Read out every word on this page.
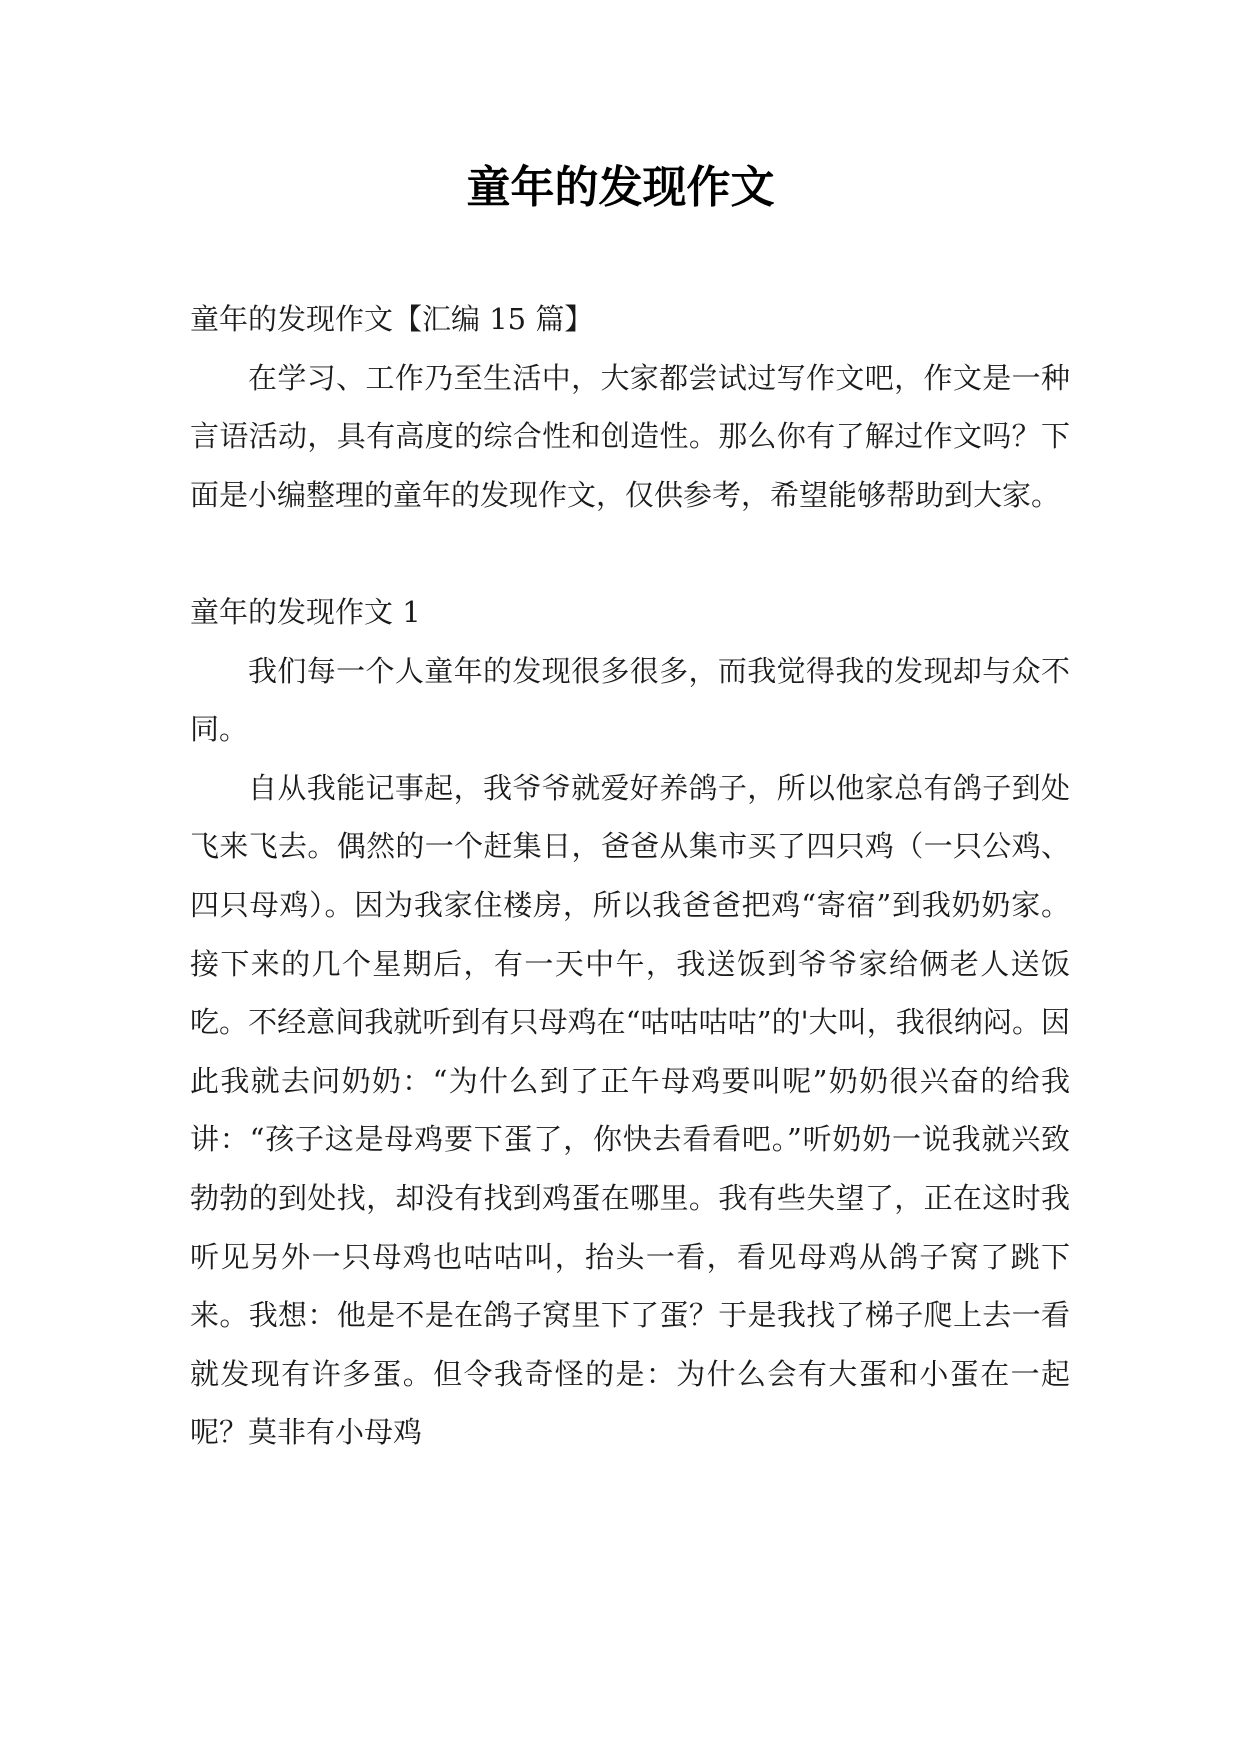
童年的发现作文

童年的发现作文【汇编 15 篇】

在学习、工作乃至生活中，大家都尝试过写作文吧，作文是一种言语活动，具有高度的综合性和创造性。那么你有了解过作文吗？下面是小编整理的童年的发现作文，仅供参考，希望能够帮助到大家。

童年的发现作文 1

我们每一个人童年的发现很多很多，而我觉得我的发现却与众不同。

自从我能记事起，我爷爷就爱好养鸽子，所以他家总有鸽子到处飞来飞去。偶然的一个赶集日，爸爸从集市买了四只鸡（一只公鸡、四只母鸡）。因为我家住楼房，所以我爸爸把鸡“寄宿”到我奶奶家。接下来的几个星期后，有一天中午，我送饭到爷爷家给俩老人送饭吃。不经意间我就听到有只母鸡在“咕咕咕咕”的'大叫，我很纳闷。因此我就去问奶奶：“为什么到了正午母鸡要叫呢”奶奶很兴奋的给我讲：“孩子这是母鸡要下蛋了，你快去看看吧。”听奶奶一说我就兴致勃勃的到处找，却没有找到鸡蛋在哪里。我有些失望了，正在这时我听见另外一只母鸡也咕咕叫，抬头一看，看见母鸡从鸽子窝了跳下来。我想：他是不是在鸽子窝里下了蛋？于是我找了梯子爬上去一看就发现有许多蛋。但令我奇怪的是：为什么会有大蛋和小蛋在一起呢？莫非有小母鸡
